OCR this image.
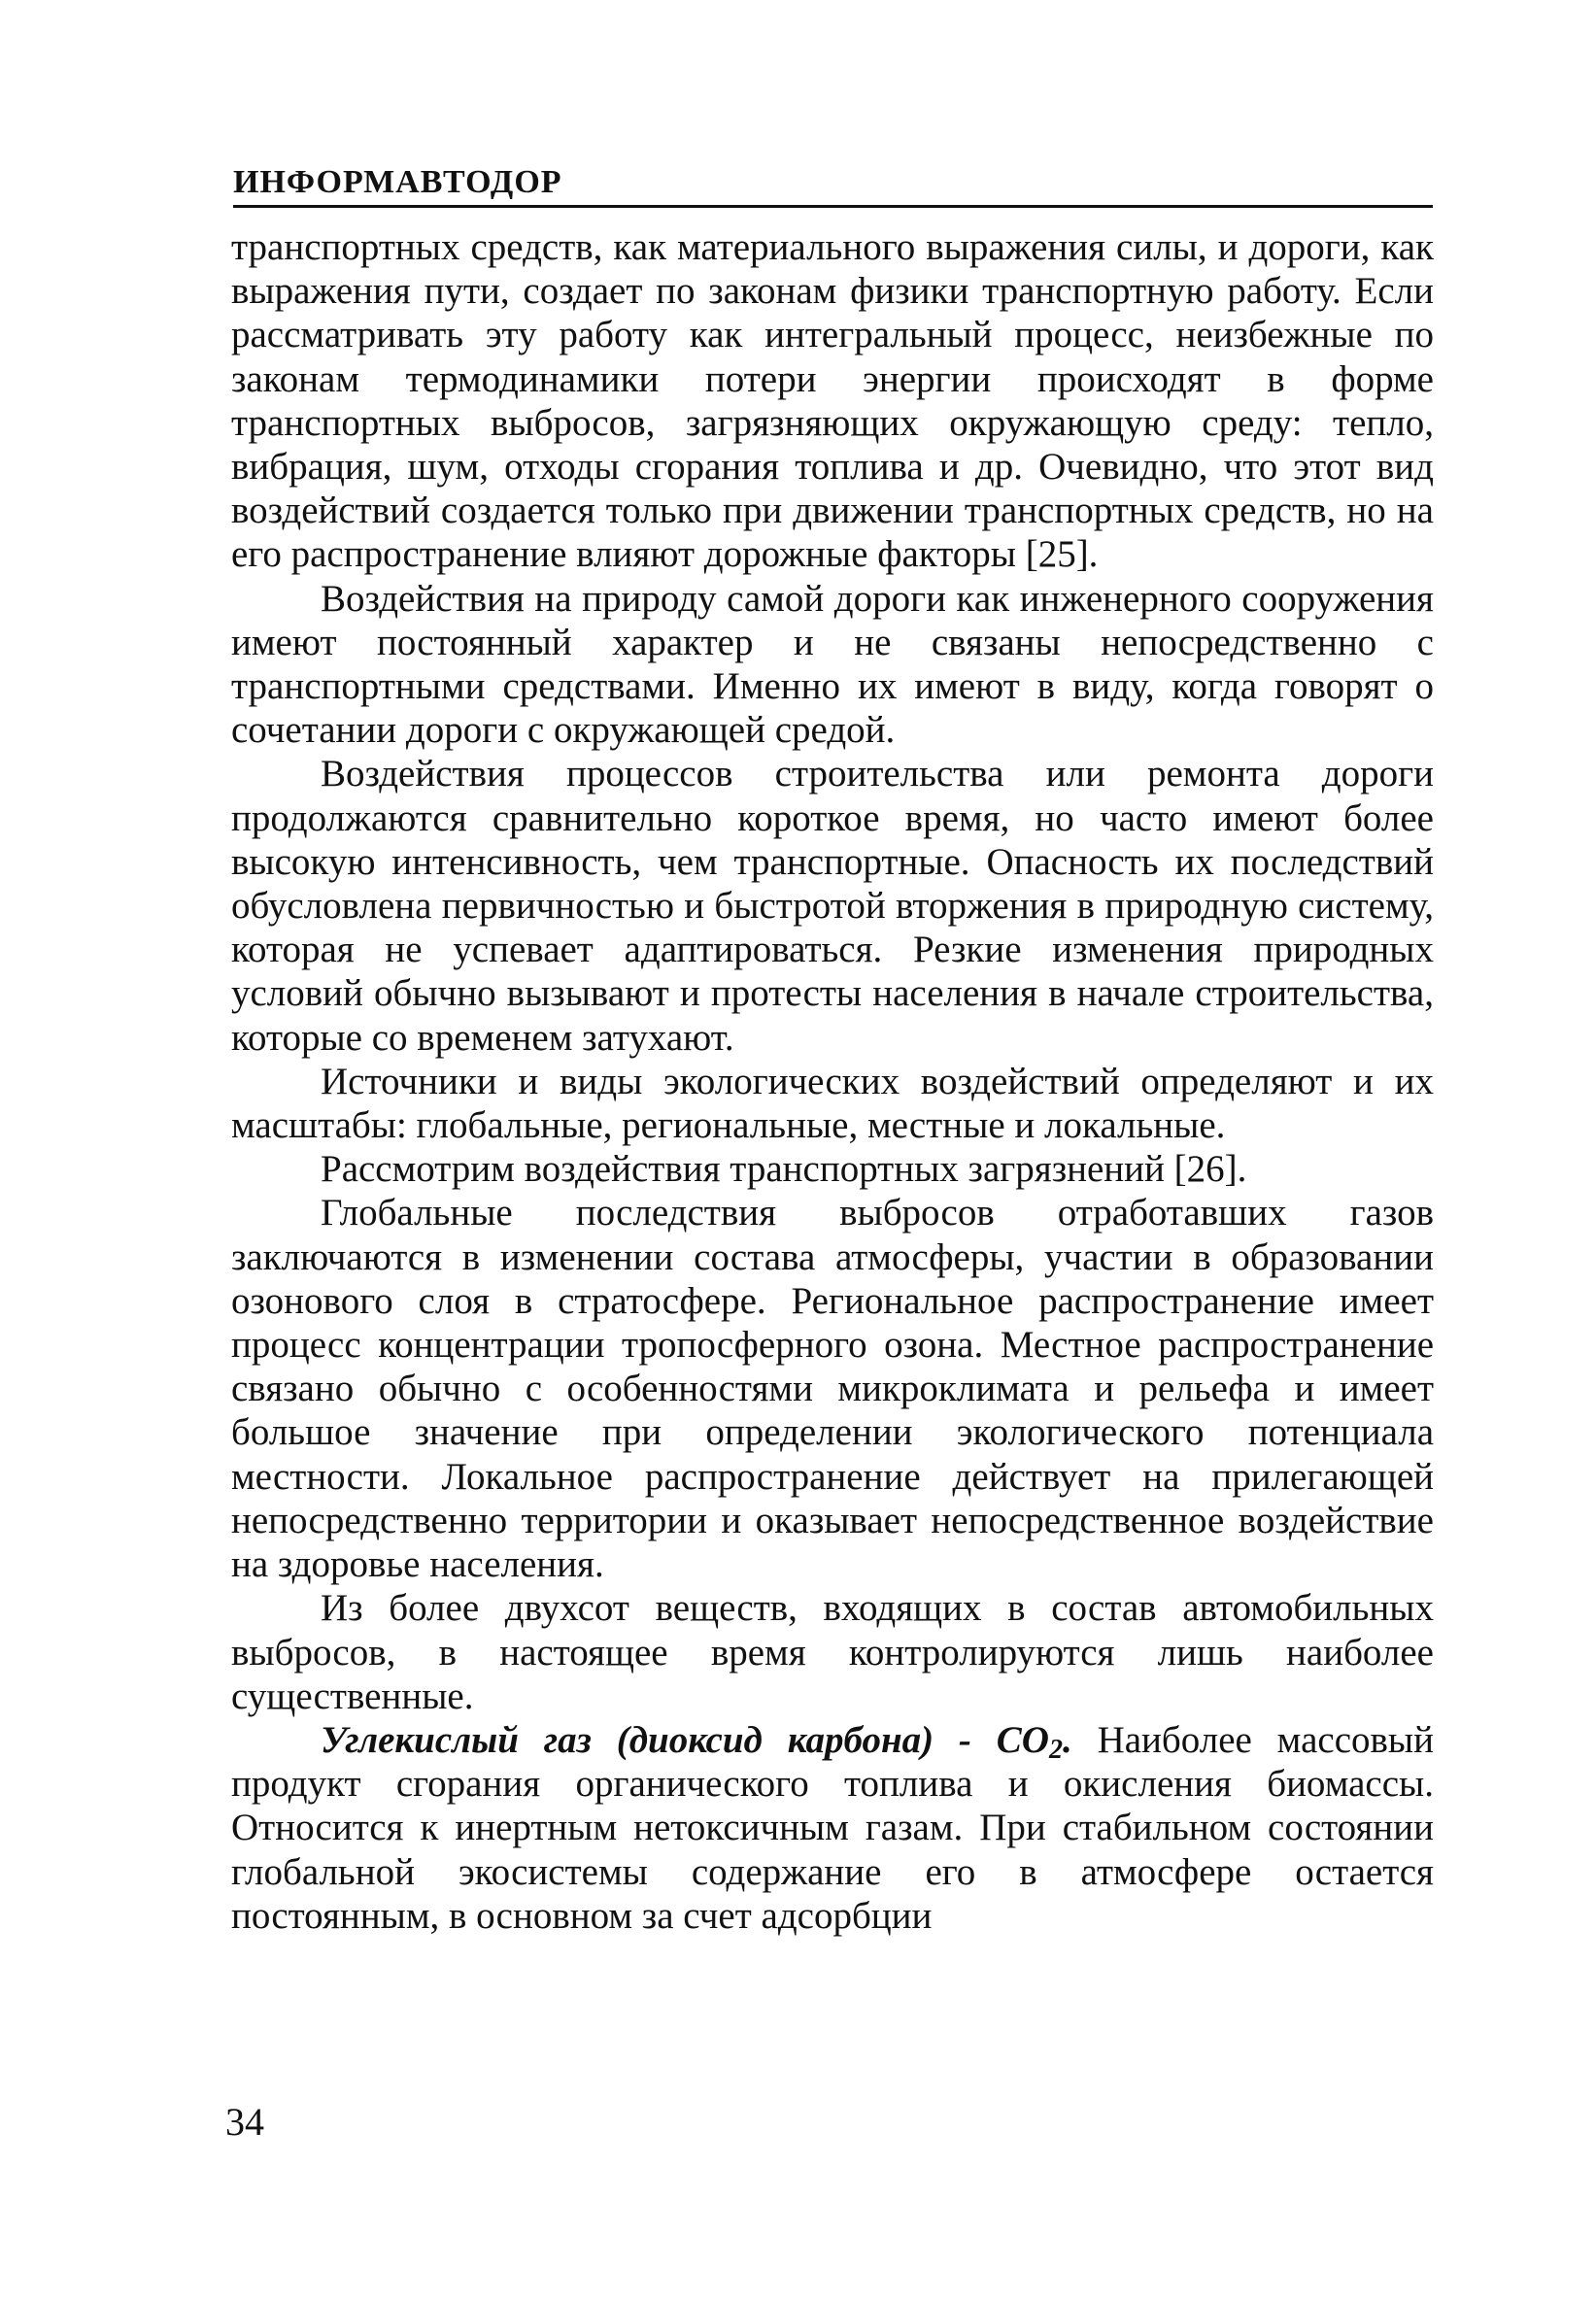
ИНФОРМАВТОДОР

транспортных средств, как материального выражения силы, и дороги, как выражения пути, создает по законам физики транспортную работу. Если рассматривать эту работу как интегральный процесс, неизбежные по законам термодинамики потери энергии происходят в форме транспортных выбросов, загрязняющих окружающую среду: тепло, вибрация, шум, отходы сгорания топлива и др. Очевидно, что этот вид воздействий создается только при движении транспортных средств, но на его распространение влияют дорожные факторы [25].

Воздействия на природу самой дороги как инженерного сооружения имеют постоянный характер и не связаны непосредственно с транспортными средствами. Именно их имеют в виду, когда говорят о сочетании дороги с окружающей средой.

Воздействия процессов строительства или ремонта дороги продолжаются сравнительно короткое время, но часто имеют более высокую интенсивность, чем транспортные. Опасность их последствий обусловлена первичностью и быстротой вторжения в природную систему, которая не успевает адаптироваться. Резкие изменения природных условий обычно вызывают и протесты населения в начале строительства, которые со временем затухают.

Источники и виды экологических воздействий определяют и их масштабы: глобальные, региональные, местные и локальные.

Рассмотрим воздействия транспортных загрязнений [26].

Глобальные последствия выбросов отработавших газов заключаются в изменении состава атмосферы, участии в образовании озонового слоя в стратосфере. Региональное распространение имеет процесс концентрации тропосферного озона. Местное распространение связано обычно с особенностями микроклимата и рельефа и имеет большое значение при определении экологического потенциала местности. Локальное распространение действует на прилегающей непосредственно территории и оказывает непосредственное воздействие на здоровье населения.

Из более двухсот веществ, входящих в состав автомобильных выбросов, в настоящее время контролируются лишь наиболее существенные.

Углекислый газ (диоксид карбона) - $СО_2$. Наиболее массовый продукт сгорания органического топлива и окисления биомассы. Относится к инертным нетоксичным газам. При стабильном состоянии глобальной экосистемы содержание его в атмосфере остается постоянным, в основном за счет адсорбции

34
